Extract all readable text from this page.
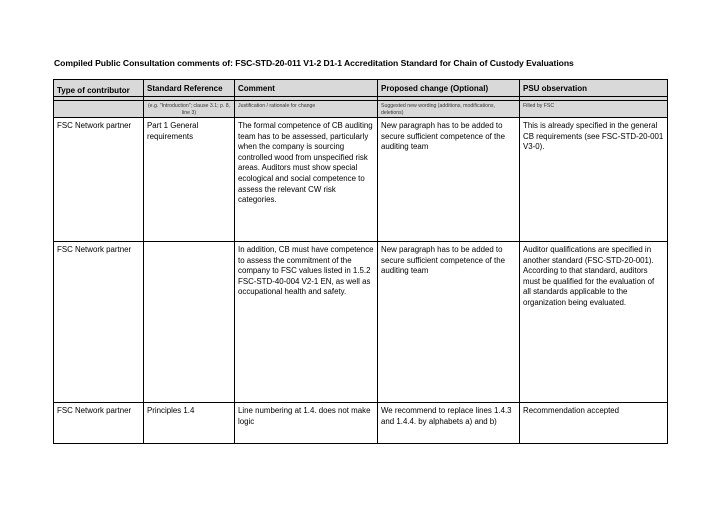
Compiled Public Consultation comments of: FSC-STD-20-011 V1-2 D1-1 Accreditation Standard for Chain of Custody Evaluations
Type of contributor	Standard Reference	Comment	Proposed change (Optional)	PSU observation

	(e.g. "Introduction"; clause 3.1; p. 8, line 3)	Justification / rationale for change	Suggested new wording (additions, modifications, deletions)	Filled by FSC
FSC Network partner	Part 1 General requirements	The formal competence of CB auditing team has to be assessed, particularly when the company is sourcing controlled wood from unspecified risk areas. Auditors must show special ecological and social competence to assess the relevant CW risk categories.	New paragraph has to be added to secure sufficient competence of the auditing team	This is already specified in the general CB requirements (see FSC-STD-20-001 V3-0).
FSC Network partner		In addition, CB must have competence to assess the commitment of the company to FSC values listed in 1.5.2 FSC-STD-40-004 V2-1 EN, as well as occupational health and safety.	New paragraph has to be added to secure sufficient competence of the auditing team	Auditor qualifications are specified in another standard (FSC-STD-20-001). According to that standard, auditors must be qualified for the evaluation of all standards applicable to the organization being evaluated.
FSC Network partner	Principles 1.4	Line numbering at 1.4. does not make logic	We recommend to replace lines 1.4.3 and 1.4.4. by alphabets a) and b)	Recommendation accepted
